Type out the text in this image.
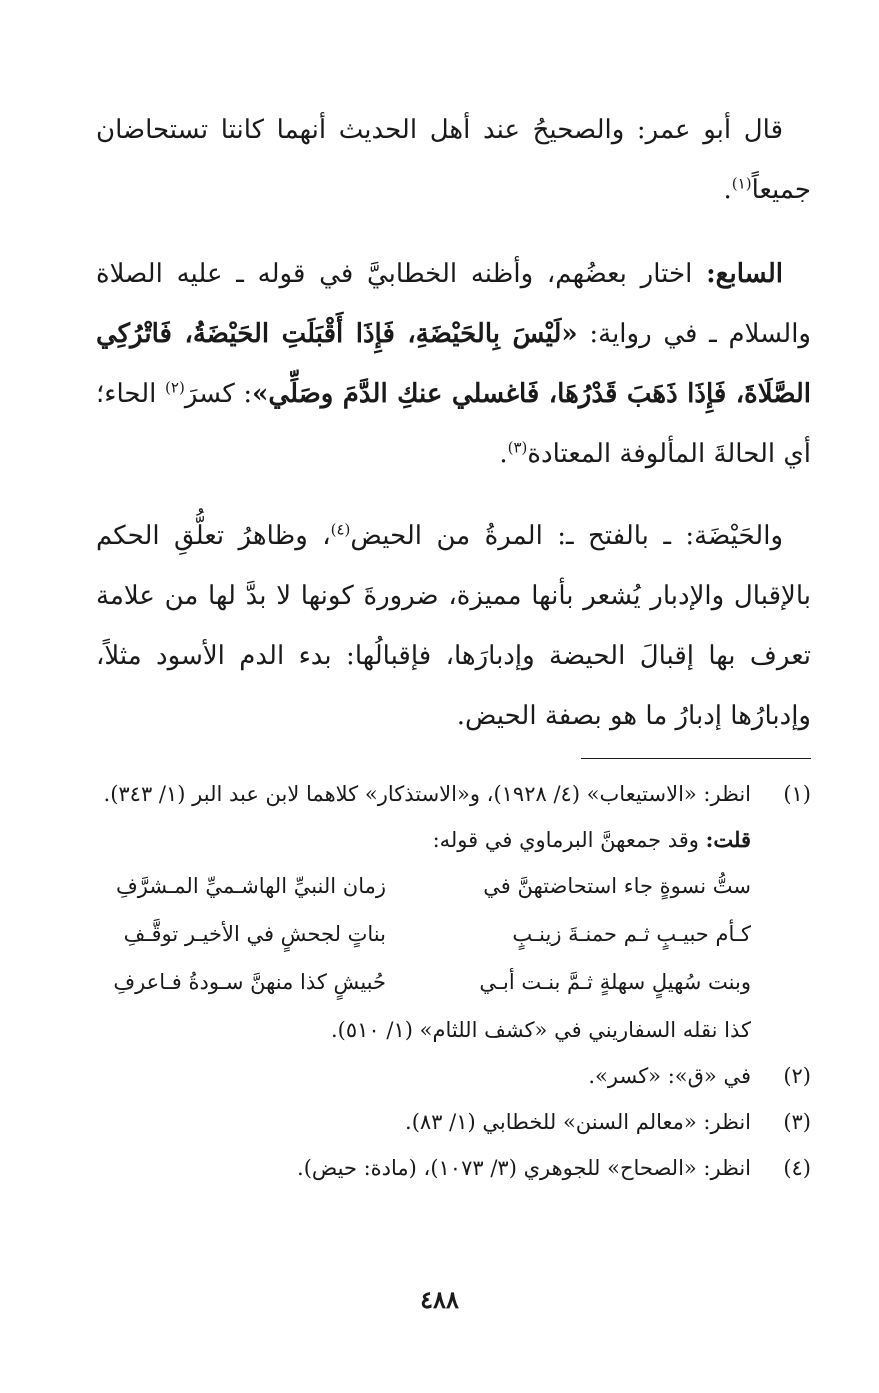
قال أبو عمر: والصحيحُ عند أهل الحديث أنهما كانتا تستحاضان جميعاً$^{(١)}$.

السابع: اختار بعضُهم، وأظنه الخطابيَّ في قوله ـ عليه الصلاة والسلام ـ في رواية: «لَيْسَ بِالحَيْضَةِ، فَإِذَا أَقْبَلَتِ الحَيْضَةُ، فَاتْرُكِي الصَّلَاةَ، فَإِذَا ذَهَبَ قَدْرُهَا، فَاغسلي عنكِ الدَّمَ وصَلِّي»: كسرَ$^{(٢)}$ الحاء؛ أي الحالةَ المألوفة المعتادة$^{(٣)}$.

والحَيْضَة: ـ بالفتح ـ: المرةُ من الحيض$^{(٤)}$، وظاهرُ تعلُّقِ الحكم بالإقبال والإدبار يُشعر بأنها مميزة، ضرورةَ كونها لا بدَّ لها من علامة تعرف بها إقبالَ الحيضة وإدبارَها، فإقبالُها: بدء الدم الأسود مثلاً، وإدبارُها إدبارُ ما هو بصفة الحيض.

(١)
انظر: «الاستيعاب» (٤/ ١٩٢٨)، و«الاستذكار» كلاهما لابن عبد البر (١/ ٣٤٣).
قلت: وقد جمعهنَّ البرماوي في قوله:
ستُّ نسوةٍ جاء استحاضتهنَّ في
زمان النبيِّ الهاشـميِّ المـشرَّفِ
كـأم حبيـبٍ ثـم حمنـةَ زينـبٍ
بناتٍ لجحشٍ في الأخيـر توقَّـفِ
وبنت سُهيلٍ سهلةٍ ثـمَّ بنـت أبـي
حُبيشٍ كذا منهنَّ سـودةُ فـاعرفِ
كذا نقله السفاريني في «كشف اللثام» (١/ ٥١٠).
(٢)
في «ق»: «كسر».
(٣)
انظر: «معالم السنن» للخطابي (١/ ٨٣).
(٤)
انظر: «الصحاح» للجوهري (٣/ ١٠٧٣)، (مادة: حيض).
٤٨٨
